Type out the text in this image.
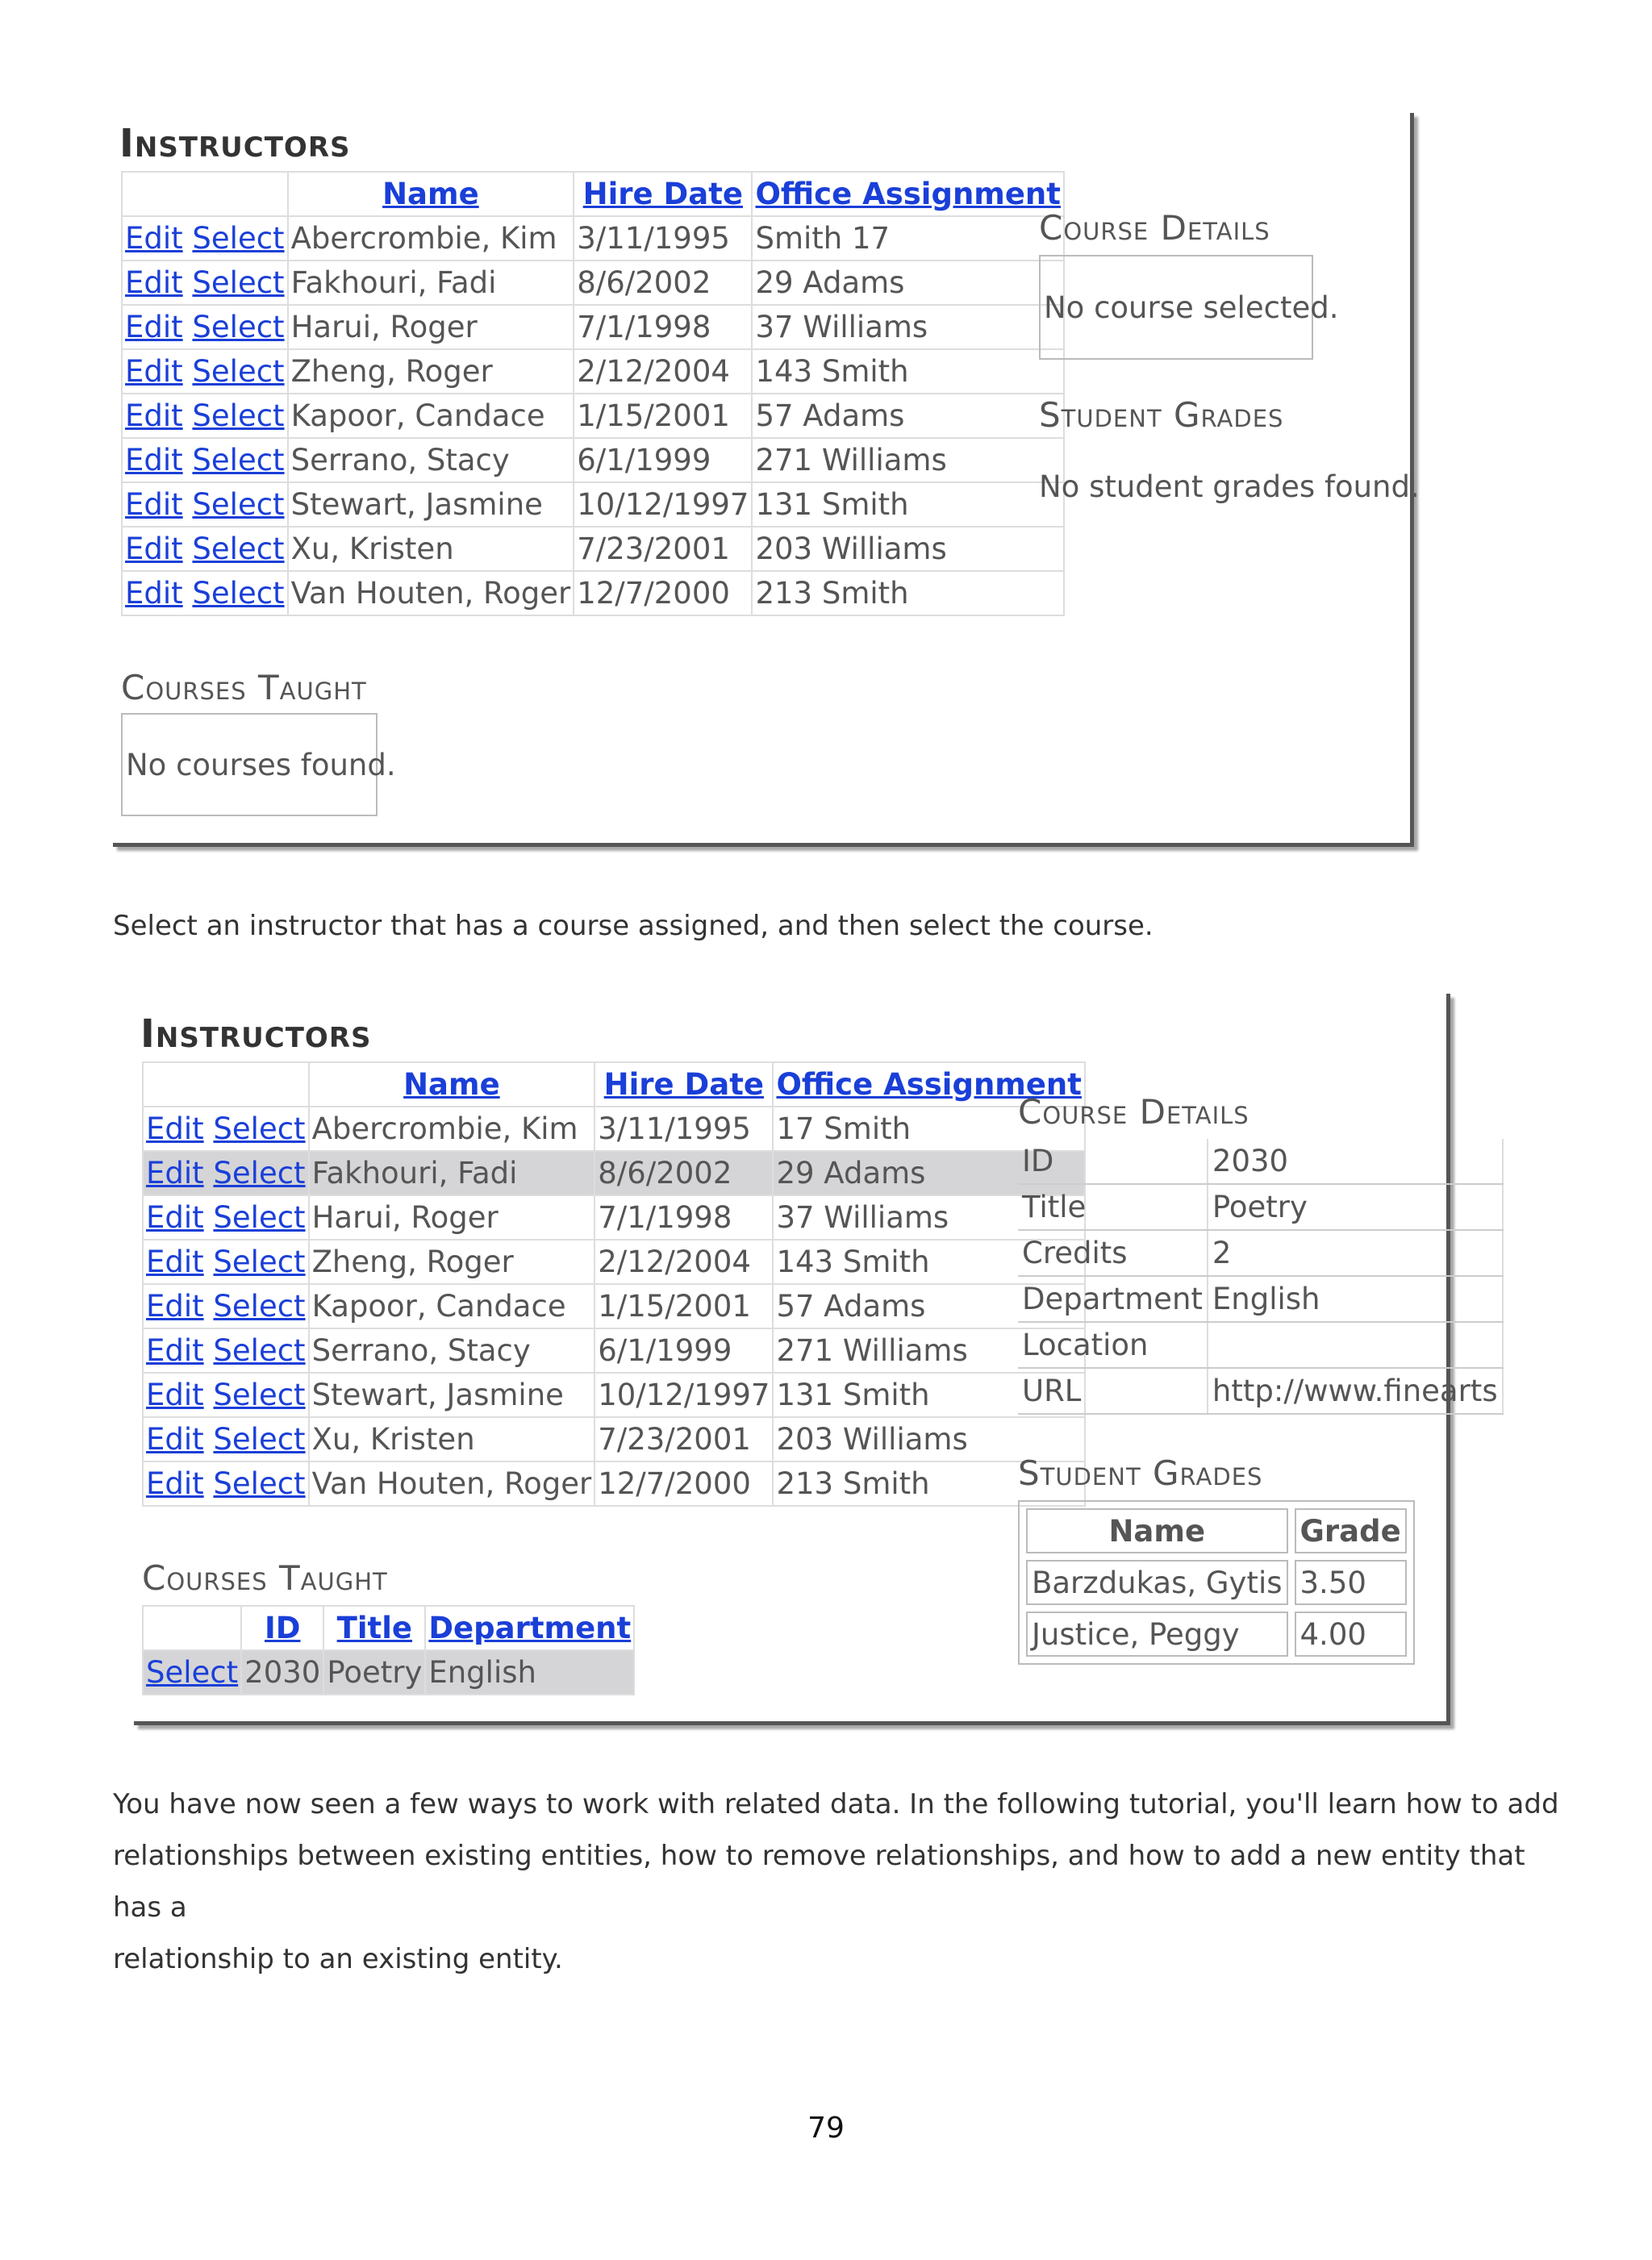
Instructors
	Name	Hire Date	Office Assignment
Edit Select	Abercrombie, Kim	3/11/1995	Smith 17
Edit Select	Fakhouri, Fadi	8/6/2002	29 Adams
Edit Select	Harui, Roger	7/1/1998	37 Williams
Edit Select	Zheng, Roger	2/12/2004	143 Smith
Edit Select	Kapoor, Candace	1/15/2001	57 Adams
Edit Select	Serrano, Stacy	6/1/1999	271 Williams
Edit Select	Stewart, Jasmine	10/12/1997	131 Smith
Edit Select	Xu, Kristen	7/23/2001	203 Williams
Edit Select	Van Houten, Roger	12/7/2000	213 Smith
Course Details
No course selected.
Student Grades
No student grades found.
Courses Taught
No courses found.

Select an instructor that has a course assigned, and then select the course.

Instructors
	Name	Hire Date	Office Assignment
Edit Select	Abercrombie, Kim	3/11/1995	17 Smith
Edit Select	Fakhouri, Fadi	8/6/2002	29 Adams
Edit Select	Harui, Roger	7/1/1998	37 Williams
Edit Select	Zheng, Roger	2/12/2004	143 Smith
Edit Select	Kapoor, Candace	1/15/2001	57 Adams
Edit Select	Serrano, Stacy	6/1/1999	271 Williams
Edit Select	Stewart, Jasmine	10/12/1997	131 Smith
Edit Select	Xu, Kristen	7/23/2001	203 Williams
Edit Select	Van Houten, Roger	12/7/2000	213 Smith
Courses Taught
	ID	Title	Department
Select	2030	Poetry	English
Course Details
ID	2030
Title	Poetry
Credits	2
Department	English
Location	
URL	http://www.finearts
Student Grades
Name	Grade
Barzdukas, Gytis	3.50
Justice, Peggy	4.00
You have now seen a few ways to work with related data. In the following tutorial, you'll learn how to add
relationships between existing entities, how to remove relationships, and how to add a new entity that has a
relationship to an existing entity.
79
